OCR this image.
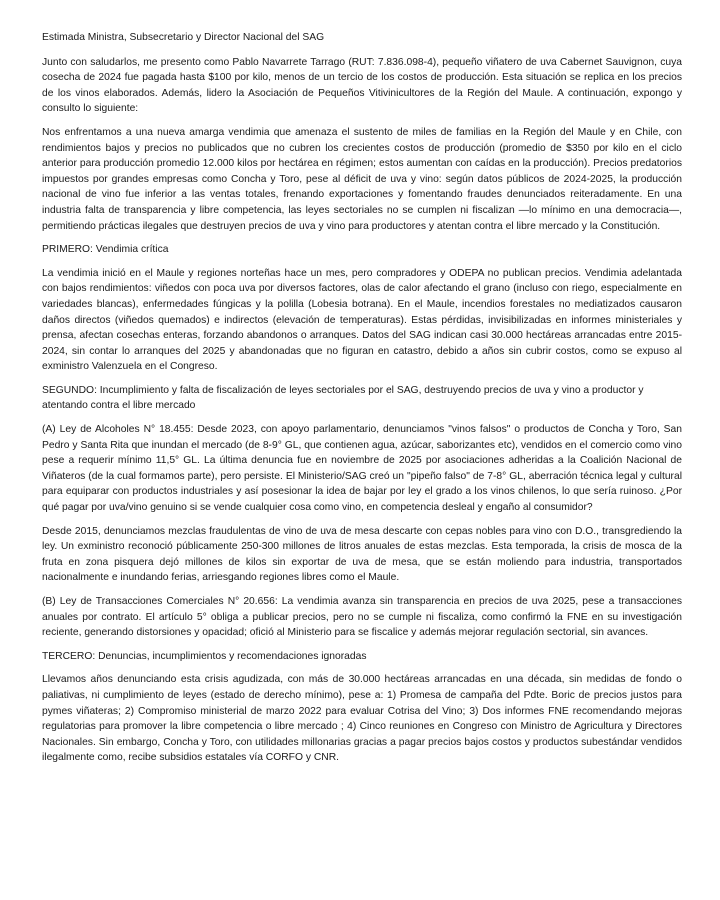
Estimada Ministra, Subsecretario y Director Nacional del SAG

Junto con saludarlos, me presento como Pablo Navarrete Tarrago (RUT: 7.836.098-4), pequeño viñatero de uva Cabernet Sauvignon, cuya cosecha de 2024 fue pagada hasta $100 por kilo, menos de un tercio de los costos de producción. Esta situación se replica en los precios de los vinos elaborados. Además, lidero la Asociación de Pequeños Vitivinicultores de la Región del Maule. A continuación, expongo y consulto lo siguiente:

Nos enfrentamos a una nueva amarga vendimia que amenaza el sustento de miles de familias en la Región del Maule y en Chile, con rendimientos bajos y precios no publicados que no cubren los crecientes costos de producción (promedio de $350 por kilo en el ciclo anterior para producción promedio 12.000 kilos por hectárea en régimen; estos aumentan con caídas en la producción). Precios predatorios impuestos por grandes empresas como Concha y Toro, pese al déficit de uva y vino: según datos públicos de 2024-2025, la producción nacional de vino fue inferior a las ventas totales, frenando exportaciones y fomentando fraudes denunciados reiteradamente. En una industria falta de transparencia y libre competencia, las leyes sectoriales no se cumplen ni fiscalizan —lo mínimo en una democracia—, permitiendo prácticas ilegales que destruyen precios de uva y vino para productores y atentan contra el libre mercado y la Constitución.

PRIMERO: Vendimia crítica

La vendimia inició en el Maule y regiones norteñas hace un mes, pero compradores y ODEPA no publican precios. Vendimia adelantada con bajos rendimientos: viñedos con poca uva por diversos factores, olas de calor afectando el grano (incluso con riego, especialmente en variedades blancas), enfermedades fúngicas y la polilla (Lobesia botrana). En el Maule, incendios forestales no mediatizados causaron daños directos (viñedos quemados) e indirectos (elevación de temperaturas). Estas pérdidas, invisibilizadas en informes ministeriales y prensa, afectan cosechas enteras, forzando abandonos o arranques. Datos del SAG indican casi 30.000 hectáreas arrancadas entre 2015-2024, sin contar lo arranques del 2025 y abandonadas que no figuran en catastro, debido a años sin cubrir costos, como se expuso al exministro Valenzuela en el Congreso.

SEGUNDO: Incumplimiento y falta de fiscalización de leyes sectoriales por el SAG, destruyendo precios de uva y vino a productor y atentando contra el libre mercado

(A) Ley de Alcoholes N° 18.455: Desde 2023, con apoyo parlamentario, denunciamos "vinos falsos" o productos de Concha y Toro, San Pedro y Santa Rita que inundan el mercado (de 8-9° GL, que contienen agua, azúcar, saborizantes etc), vendidos en el comercio como vino pese a requerir mínimo 11,5° GL. La última denuncia fue en noviembre de 2025 por asociaciones adheridas a la Coalición Nacional de Viñateros (de la cual formamos parte), pero persiste. El Ministerio/SAG creó un "pipeño falso" de 7-8° GL, aberración técnica legal y cultural para equiparar con productos industriales y así posesionar la idea de bajar por ley el grado a los vinos chilenos, lo que sería ruinoso. ¿Por qué pagar por uva/vino genuino si se vende cualquier cosa como vino, en competencia desleal y engaño al consumidor?

Desde 2015, denunciamos mezclas fraudulentas de vino de uva de mesa descarte con cepas nobles para vino con D.O., transgrediendo la ley. Un exministro reconoció públicamente 250-300 millones de litros anuales de estas mezclas. Esta temporada, la crisis de mosca de la fruta en zona pisquera dejó millones de kilos sin exportar de uva de mesa, que se están moliendo para industria, transportados nacionalmente e inundando ferias, arriesgando regiones libres como el Maule.

(B) Ley de Transacciones Comerciales N° 20.656: La vendimia avanza sin transparencia en precios de uva 2025, pese a transacciones anuales por contrato. El artículo 5° obliga a publicar precios, pero no se cumple ni fiscaliza, como confirmó la FNE en su investigación reciente, generando distorsiones y opacidad; ofició al Ministerio para se fiscalice y además mejorar regulación sectorial, sin avances.

TERCERO: Denuncias, incumplimientos y recomendaciones ignoradas

Llevamos años denunciando esta crisis agudizada, con más de 30.000 hectáreas arrancadas en una década, sin medidas de fondo o paliativas, ni cumplimiento de leyes (estado de derecho mínimo), pese a: 1) Promesa de campaña del Pdte. Boric de precios justos para pymes viñateras; 2) Compromiso ministerial de marzo 2022 para evaluar Cotrisa del Vino; 3) Dos informes FNE recomendando mejoras regulatorias para promover la libre competencia o libre mercado ; 4) Cinco reuniones en Congreso con Ministro de Agricultura y Directores Nacionales. Sin embargo, Concha y Toro, con utilidades millonarias gracias a pagar precios bajos costos y productos subestándar vendidos ilegalmente como, recibe subsidios estatales vía CORFO y CNR.
